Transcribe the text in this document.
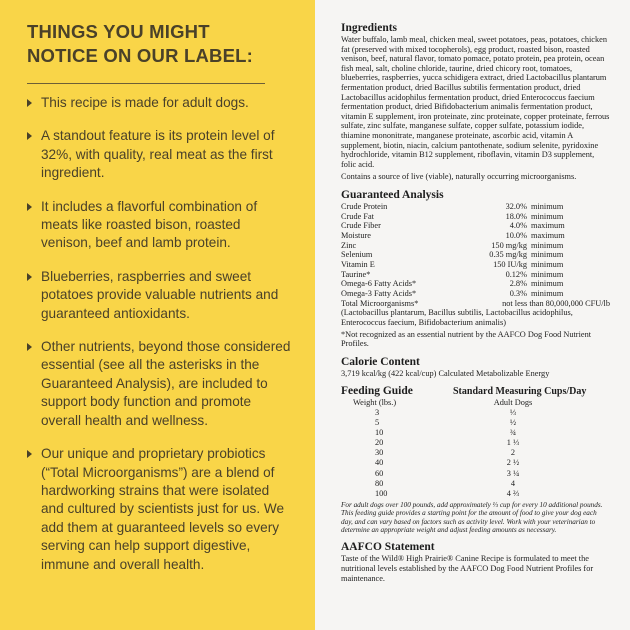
THINGS YOU MIGHT
NOTICE ON OUR LABEL:
This recipe is made for adult dogs.
A standout feature is its protein level of 32%, with quality, real meat as the first ingredient.
It includes a flavorful combination of meats like roasted bison, roasted venison, beef and lamb protein.
Blueberries, raspberries and sweet potatoes provide valuable nutrients and guaranteed antioxidants.
Other nutrients, beyond those considered essential (see all the asterisks in the Guaranteed Analysis), are included to support body function and promote overall health and wellness.
Our unique and proprietary probiotics (“Total Microorganisms”) are a blend of hardworking strains that were isolated and cultured by scientists just for us. We add them at guaranteed levels so every serving can help support digestive, immune and overall health.
Ingredients

Water buffalo, lamb meal, chicken meal, sweet potatoes, peas, potatoes, chicken fat (preserved with mixed tocopherols), egg product, roasted bison, roasted venison, beef, natural flavor, tomato pomace, potato protein, pea protein, ocean fish meal, salt, choline chloride, taurine, dried chicory root, tomatoes, blueberries, raspberries, yucca schidigera extract, dried Lactobacillus plantarum fermentation product, dried Bacillus subtilis fermentation product, dried Lactobacillus acidophilus fermentation product, dried Enterococcus faecium fermentation product, dried Bifidobacterium animalis fermentation product, vitamin E supplement, iron proteinate, zinc proteinate, copper proteinate, ferrous sulfate, zinc sulfate, manganese sulfate, copper sulfate, potassium iodide, thiamine mononitrate, manganese proteinate, ascorbic acid, vitamin A supplement, biotin, niacin, calcium pantothenate, sodium selenite, pyridoxine hydrochloride, vitamin B12 supplement, riboflavin, vitamin D3 supplement, folic acid.

Contains a source of live (viable), naturally occurring microorganisms.

Guaranteed Analysis
Crude Protein	32.0% minimum
Crude Fat	18.0% minimum
Crude Fiber	4.0% maximum
Moisture	10.0% maximum
Zinc	150 mg/kg minimum
Selenium	0.35 mg/kg minimum
Vitamin E	150 IU/kg minimum
Taurine*	0.12% minimum
Omega-6 Fatty Acids*	2.8% minimum
Omega-3 Fatty Acids*	0.3% minimum
Total Microorganisms*	not less than 80,000,000 CFU/lb

(Lactobacillus plantarum, Bacillus subtilis, Lactobacillus acidophilus, Enterococcus faecium, Bifidobacterium animalis)

*Not recognized as an essential nutrient by the AAFCO Dog Food Nutrient Profiles.

Calorie Content

3,719 kcal/kg (422 kcal/cup) Calculated Metabolizable Energy

Feeding Guide	Standard Measuring Cups/Day
Weight (lbs.)	Adult Dogs
3	⅓
5	½
10	¾
20	1 ⅓
30	2
40	2 ½
60	3 ¼
80	4
100	4 ⅔

For adult dogs over 100 pounds, add approximately ⅓ cup for every 10 additional pounds. This feeding guide provides a starting point for the amount of food to give your dog each day, and can vary based on factors such as activity level. Work with your veterinarian to determine an appropriate weight and adjust feeding amounts as necessary.

AAFCO Statement

Taste of the Wild® High Prairie® Canine Recipe is formulated to meet the nutritional levels established by the AAFCO Dog Food Nutrient Profiles for maintenance.
